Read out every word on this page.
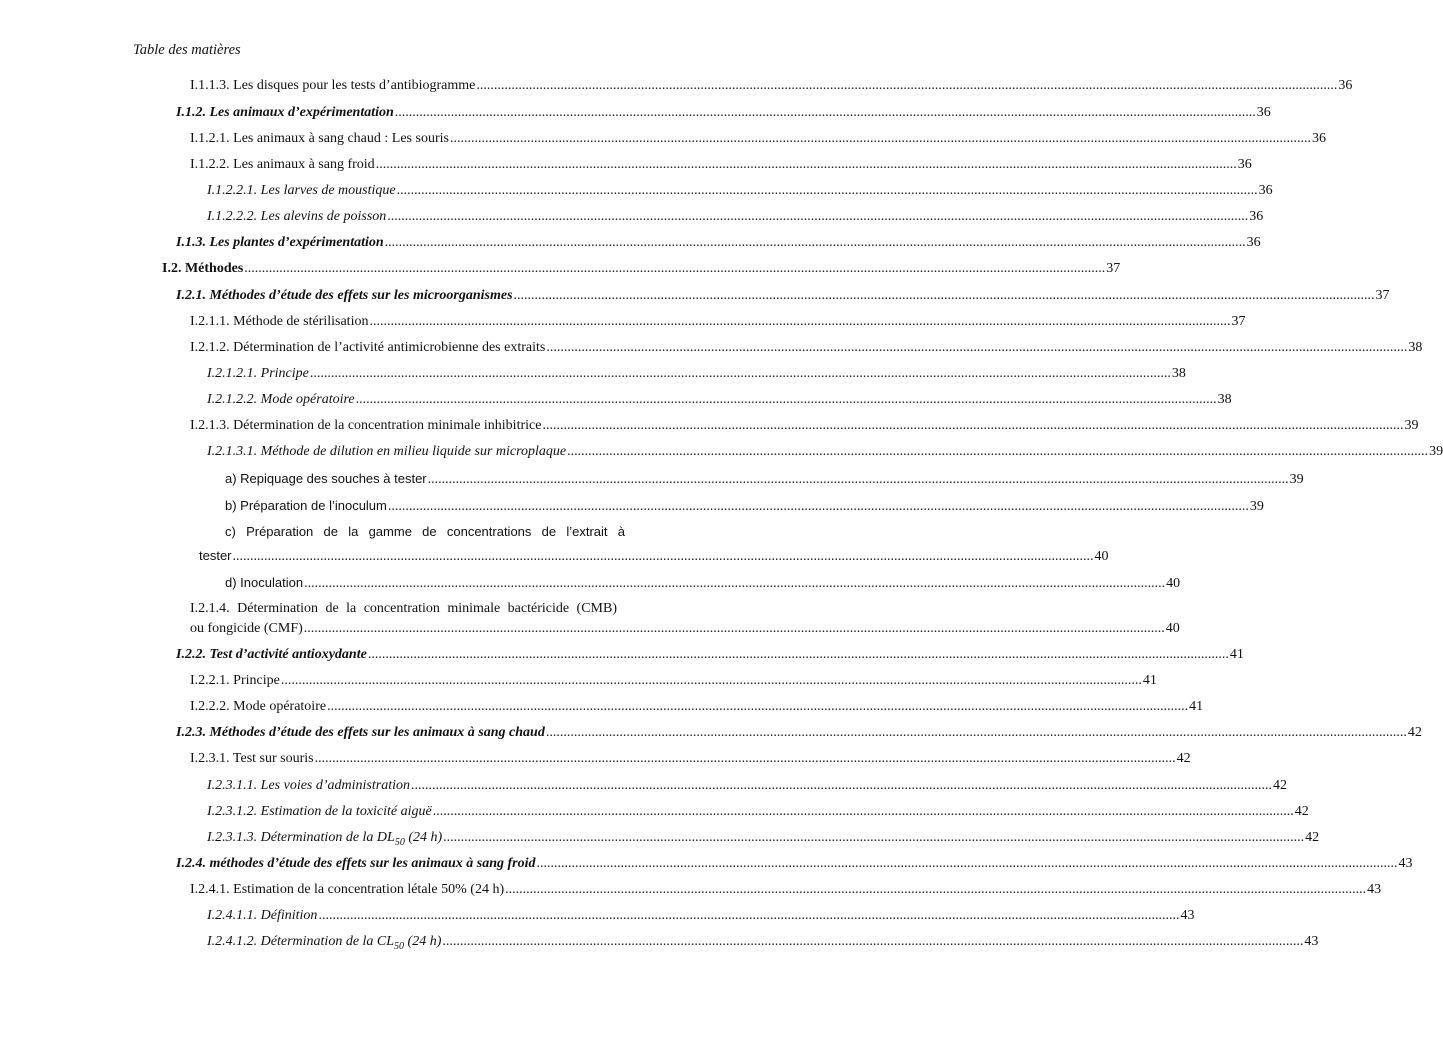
Table des matières
I.1.1.3. Les disques pour les tests d’antibiogramme ...................................................................................................................................................................................................................................................... 36
I.1.2. Les animaux d’expérimentation ...................................................................................................................................................................................................................................................... 36
I.1.2.1. Les animaux à sang chaud : Les souris ...................................................................................................................................................................................................................................................... 36
I.1.2.2. Les animaux à sang froid ...................................................................................................................................................................................................................................................... 36
I.1.2.2.1. Les larves de moustique ...................................................................................................................................................................................................................................................... 36
I.1.2.2.2. Les alevins de poisson ...................................................................................................................................................................................................................................................... 36
I.1.3. Les plantes d’expérimentation ...................................................................................................................................................................................................................................................... 36
I.2. Méthodes ...................................................................................................................................................................................................................................................... 37
I.2.1. Méthodes d’étude des effets sur les microorganismes ...................................................................................................................................................................................................................................................... 37
I.2.1.1. Méthode de stérilisation ...................................................................................................................................................................................................................................................... 37
I.2.1.2. Détermination de l’activité antimicrobienne des extraits ...................................................................................................................................................................................................................................................... 38
I.2.1.2.1. Principe ...................................................................................................................................................................................................................................................... 38
I.2.1.2.2. Mode opératoire ...................................................................................................................................................................................................................................................... 38
I.2.1.3. Détermination de la concentration minimale inhibitrice ...................................................................................................................................................................................................................................................... 39
I.2.1.3.1. Méthode de dilution en milieu liquide sur microplaque ...................................................................................................................................................................................................................................................... 39
a) Repiquage des souches à tester ...................................................................................................................................................................................................................................................... 39
b) Préparation de l’inoculum ...................................................................................................................................................................................................................................................... 39
c) Préparation de la gamme de concentrations de l’extrait à
tester ...................................................................................................................................................................................................................................................... 40
d) Inoculation ...................................................................................................................................................................................................................................................... 40
I.2.1.4. Détermination de la concentration minimale bactéricide (CMB)
ou fongicide (CMF) ...................................................................................................................................................................................................................................................... 40
I.2.2. Test d’activité antioxydante ...................................................................................................................................................................................................................................................... 41
I.2.2.1. Principe ...................................................................................................................................................................................................................................................... 41
I.2.2.2. Mode opératoire ...................................................................................................................................................................................................................................................... 41
I.2.3. Méthodes d’étude des effets sur les animaux à sang chaud ...................................................................................................................................................................................................................................................... 42
I.2.3.1. Test sur souris ...................................................................................................................................................................................................................................................... 42
I.2.3.1.1. Les voies d’administration ...................................................................................................................................................................................................................................................... 42
I.2.3.1.2. Estimation de la toxicité aiguë ...................................................................................................................................................................................................................................................... 42
I.2.3.1.3. Détermination de la $DL_{50}$ (24 h) ...................................................................................................................................................................................................................................................... 42
I.2.4. méthodes d’étude des effets sur les animaux à sang froid ...................................................................................................................................................................................................................................................... 43
I.2.4.1. Estimation de la concentration létale 50% (24 h) ...................................................................................................................................................................................................................................................... 43
I.2.4.1.1. Définition ...................................................................................................................................................................................................................................................... 43
I.2.4.1.2. Détermination de la $CL_{50}$ (24 h) ...................................................................................................................................................................................................................................................... 43
